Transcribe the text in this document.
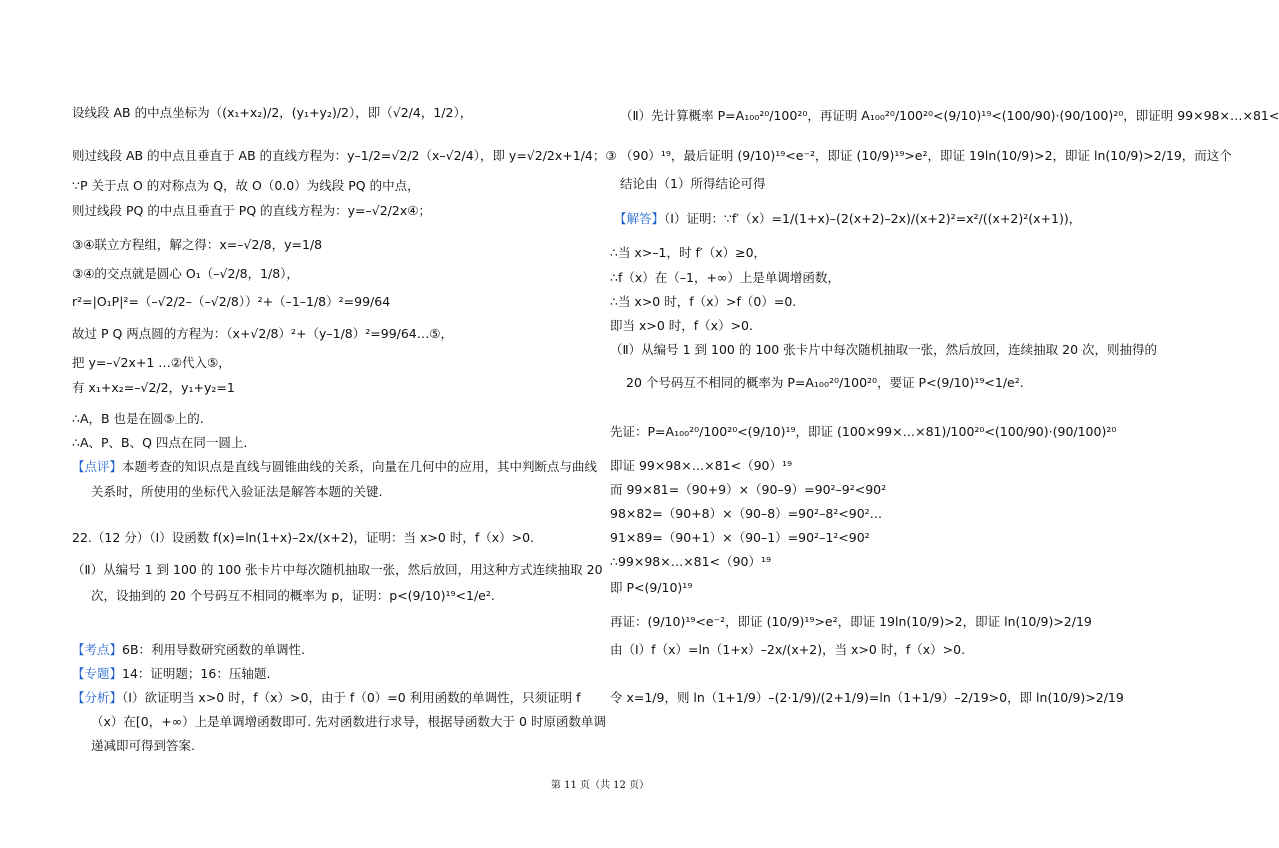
设线段 AB 的中点坐标为（(x₁+x₂)/2，(y₁+y₂)/2），即（√2/4，1/2），
则过线段 AB 的中点且垂直于 AB 的直线方程为：y–1/2=√2/2（x–√2/4），即 y=√2/2x+1/4；③
∵P 关于点 O 的对称点为 Q，故 O（0.0）为线段 PQ 的中点，
则过线段 PQ 的中点且垂直于 PQ 的直线方程为：y=–√2/2x④；
③④联立方程组，解之得：x=–√2/8，y=1/8
③④的交点就是圆心 O₁（–√2/8，1/8），
r²=|O₁P|²=（–√2/2–（–√2/8））²+（–1–1/8）²=99/64
故过 P Q 两点圆的方程为：（x+√2/8）²+（y–1/8）²=99/64…⑤，
把 y=–√2x+1 …②代入⑤，
有 x₁+x₂=–√2/2，y₁+y₂=1
∴A，B 也是在圆⑤上的.
∴A、P、B、Q 四点在同一圆上.
【点评】本题考查的知识点是直线与圆锥曲线的关系，向量在几何中的应用，其中判断点与曲线
关系时，所使用的坐标代入验证法是解答本题的关键.
22.（12 分）（Ⅰ）设函数 f(x)=ln(1+x)–2x/(x+2)，证明：当 x>0 时，f（x）>0.
（Ⅱ）从编号 1 到 100 的 100 张卡片中每次随机抽取一张，然后放回，用这种方式连续抽取 20
次，设抽到的 20 个号码互不相同的概率为 p，证明：p<(9/10)¹⁹<1/e².
【考点】6B：利用导数研究函数的单调性.
【专题】14：证明题；16：压轴题.
【分析】（Ⅰ）欲证明当 x>0 时，f（x）>0，由于 f（0）=0 利用函数的单调性，只须证明 f
（x）在[0，+∞）上是单调增函数即可. 先对函数进行求导，根据导函数大于 0 时原函数单调
递减即可得到答案.
（Ⅱ）先计算概率 P=A₁₀₀²⁰/100²⁰，再证明 A₁₀₀²⁰/100²⁰<(9/10)¹⁹<(100/90)·(90/100)²⁰，即证明 99×98×…×81<
（90）¹⁹，最后证明 (9/10)¹⁹<e⁻²，即证 (10/9)¹⁹>e²，即证 19ln(10/9)>2，即证 ln(10/9)>2/19，而这个
结论由（1）所得结论可得
【解答】（Ⅰ）证明：∵f′（x）=1/(1+x)–(2(x+2)–2x)/(x+2)²=x²/((x+2)²(x+1))，
∴当 x>–1，时 f′（x）≥0，
∴f（x）在（–1，+∞）上是单调增函数，
∴当 x>0 时，f（x）>f（0）=0.
即当 x>0 时，f（x）>0.
（Ⅱ）从编号 1 到 100 的 100 张卡片中每次随机抽取一张，然后放回，连续抽取 20 次，则抽得的
20 个号码互不相同的概率为 P=A₁₀₀²⁰/100²⁰，要证 P<(9/10)¹⁹<1/e².
先证：P=A₁₀₀²⁰/100²⁰<(9/10)¹⁹，即证 (100×99×…×81)/100²⁰<(100/90)·(90/100)²⁰
即证 99×98×…×81<（90）¹⁹
而 99×81=（90+9）×（90–9）=90²–9²<90²
98×82=（90+8）×（90–8）=90²–8²<90²…
91×89=（90+1）×（90–1）=90²–1²<90²
∴99×98×…×81<（90）¹⁹
即 P<(9/10)¹⁹
再证：(9/10)¹⁹<e⁻²，即证 (10/9)¹⁹>e²，即证 19ln(10/9)>2，即证 ln(10/9)>2/19
由（Ⅰ）f（x）=ln（1+x）–2x/(x+2)，当 x>0 时，f（x）>0.
令 x=1/9，则 ln（1+1/9）–(2·1/9)/(2+1/9)=ln（1+1/9）–2/19>0，即 ln(10/9)>2/19
第 11 页（共 12 页）
